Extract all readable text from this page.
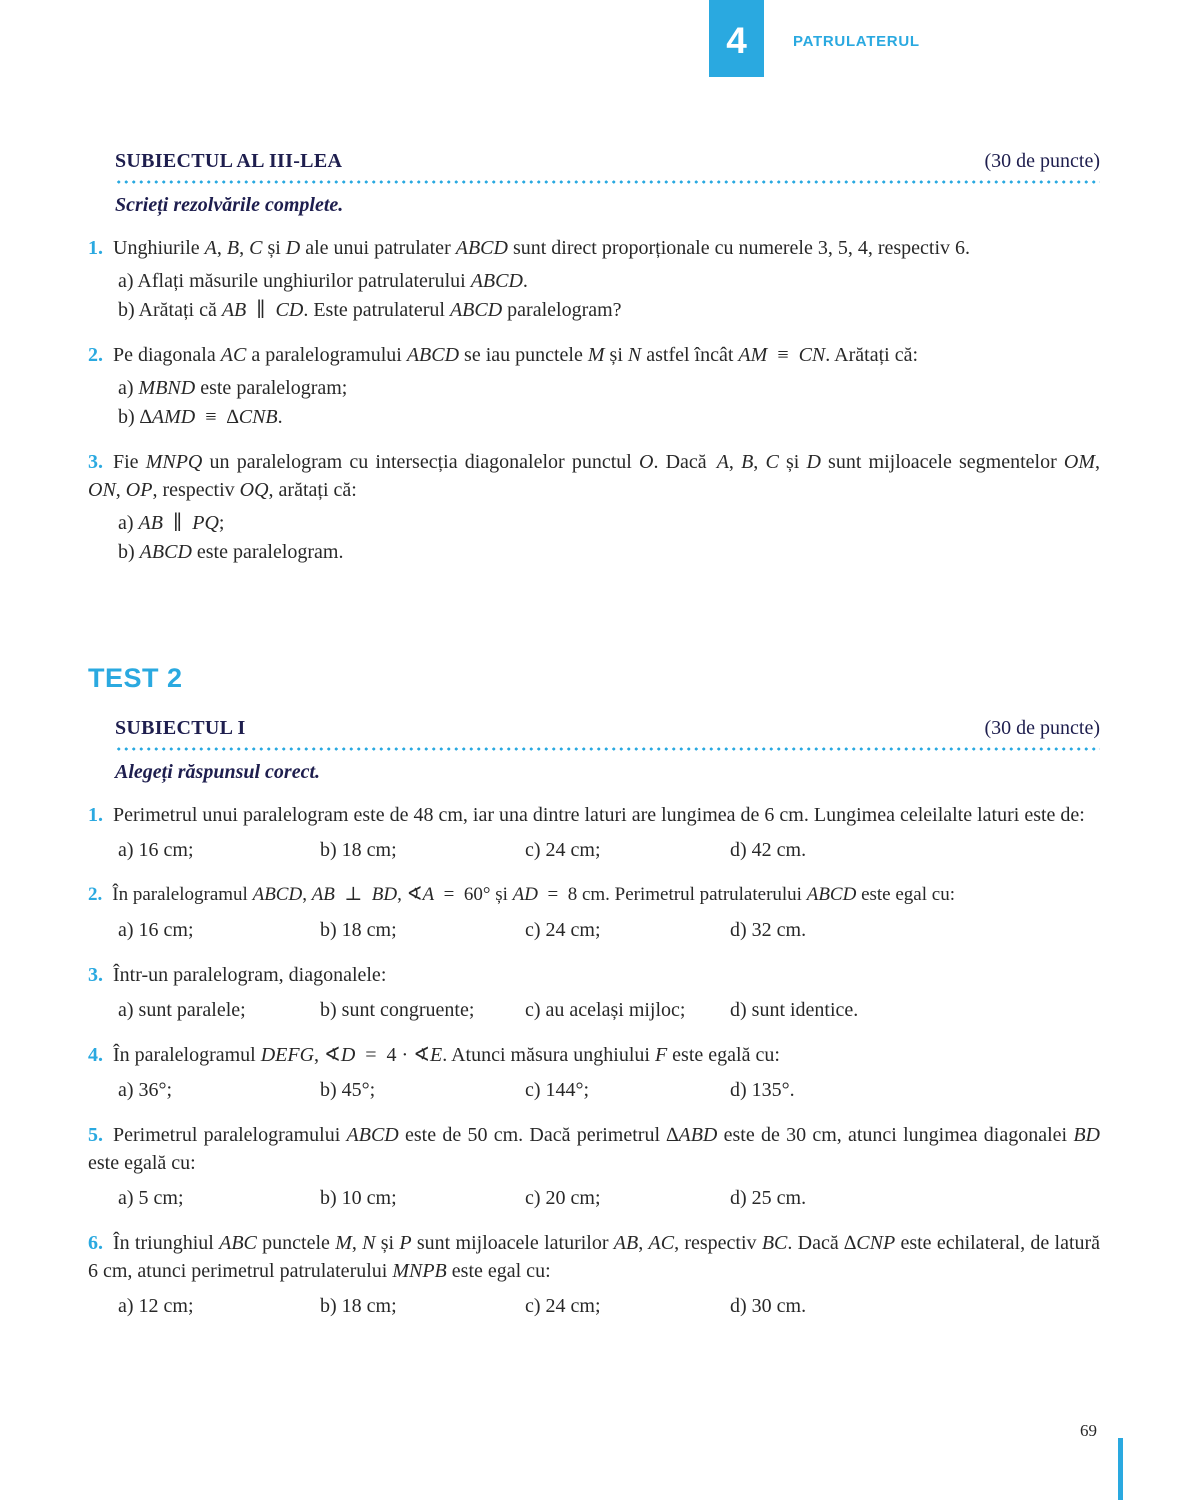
4	PATRULATERUL
SUBIECTUL AL III-LEA	(30 de puncte)

Scrieți rezolvările complete.

1. Unghiurile A, B, C și D ale unui patrulater ABCD sunt direct proporționale cu numerele 3, 5, 4, respectiv 6.

a) Aflați măsurile unghiurilor patrulaterului ABCD.

b) Arătați că AB ∥ CD. Este patrulaterul ABCD paralelogram?

2. Pe diagonala AC a paralelogramului ABCD se iau punctele M și N astfel încât AM ≡ CN. Arătați că:

a) MBND este paralelogram;

b) ∆AMD ≡ ∆CNB.

3. Fie MNPQ un paralelogram cu intersecția diagonalelor punctul O. Dacă A, B, C și D sunt mijloacele segmentelor OM, ON, OP, respectiv OQ, arătați că:

a) AB ∥ PQ;

b) ABCD este paralelogram.

TEST 2
SUBIECTUL I	(30 de puncte)

Alegeți răspunsul corect.

1. Perimetrul unui paralelogram este de 48 cm, iar una dintre laturi are lungimea de 6 cm. Lungimea celeilalte laturi este de:

a) 16 cm;	b) 18 cm;	c) 24 cm;	d) 42 cm.

2. În paralelogramul ABCD, AB ⊥ BD, ∢A = 60° și AD = 8 cm. Perimetrul patrulaterului ABCD este egal cu:

a) 16 cm;	b) 18 cm;	c) 24 cm;	d) 32 cm.

3. Într-un paralelogram, diagonalele:

a) sunt paralele;	b) sunt congruente;	c) au același mijloc;	d) sunt identice.

4. În paralelogramul DEFG, ∢D = 4 · ∢E. Atunci măsura unghiului F este egală cu:

a) 36°;	b) 45°;	c) 144°;	d) 135°.

5. Perimetrul paralelogramului ABCD este de 50 cm. Dacă perimetrul ∆ABD este de 30 cm, atunci lungimea diagonalei BD este egală cu:

a) 5 cm;	b) 10 cm;	c) 20 cm;	d) 25 cm.

6. În triunghiul ABC punctele M, N și P sunt mijloacele laturilor AB, AC, respectiv BC. Dacă ∆CNP este echilateral, de latură 6 cm, atunci perimetrul patrulaterului MNPB este egal cu:

a) 12 cm;	b) 18 cm;	c) 24 cm;	d) 30 cm.
69
